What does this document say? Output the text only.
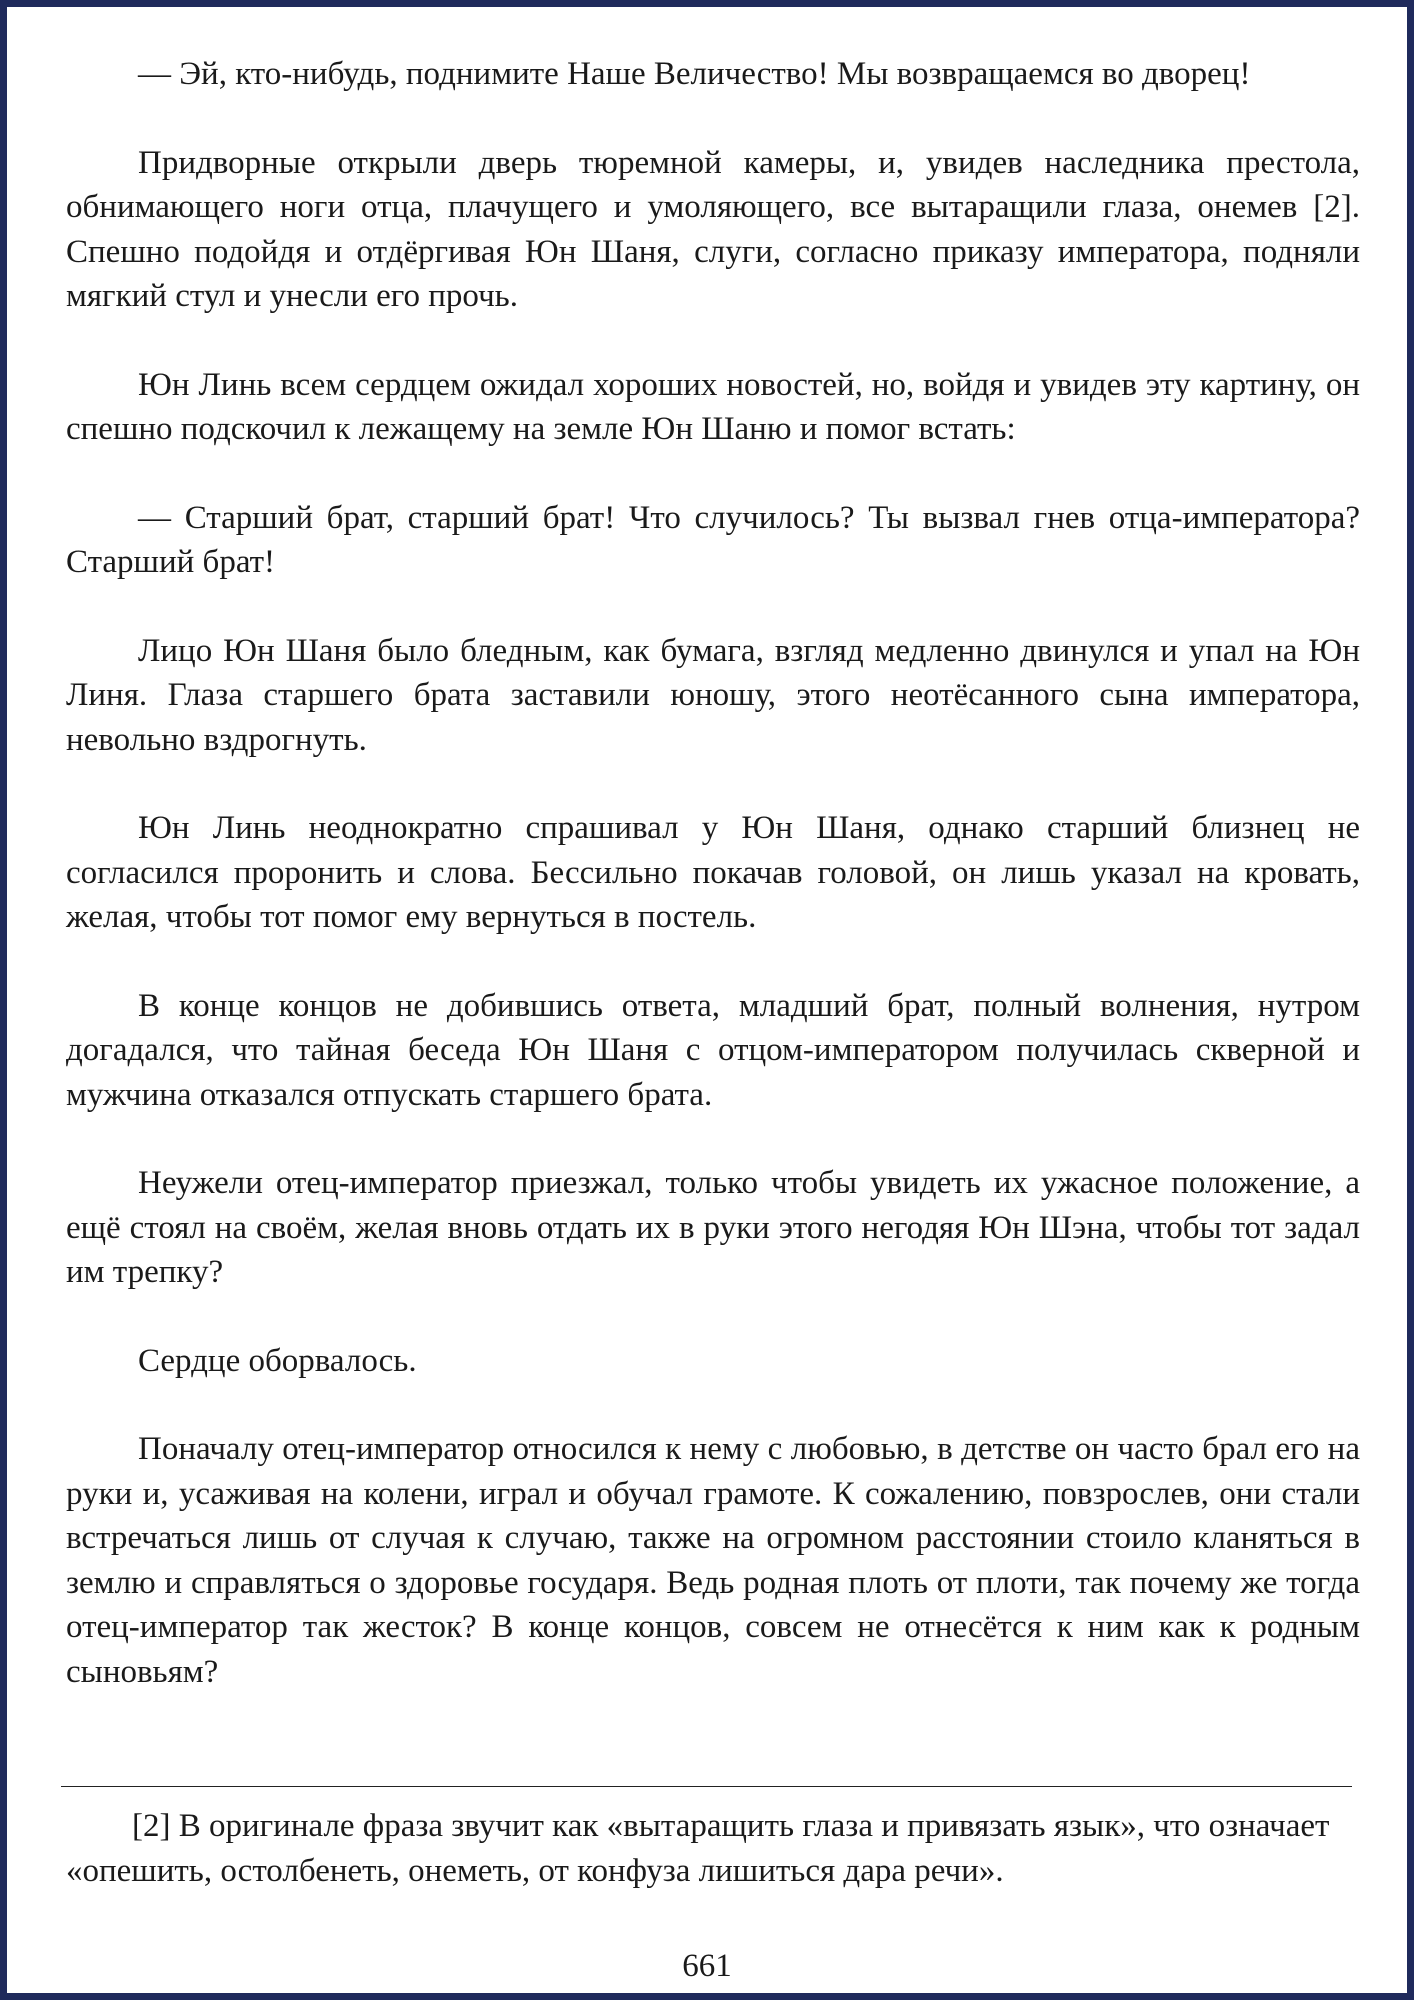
— Эй, кто-нибудь, поднимите Наше Величество! Мы возвращаемся во дворец!

Придворные открыли дверь тюремной камеры, и, увидев наследника престола, обнимающего ноги отца, плачущего и умоляющего, все вытаращили глаза, онемев [2]. Спешно подойдя и отдёргивая Юн Шаня, слуги, согласно приказу императора, подняли мягкий стул и унесли его прочь.

Юн Линь всем сердцем ожидал хороших новостей, но, войдя и увидев эту картину, он спешно подскочил к лежащему на земле Юн Шаню и помог встать:

— Старший брат, старший брат! Что случилось? Ты вызвал гнев отца-императора? Старший брат!

Лицо Юн Шаня было бледным, как бумага, взгляд медленно двинулся и упал на Юн Линя. Глаза старшего брата заставили юношу, этого неотёсанного сына императора, невольно вздрогнуть.

Юн Линь неоднократно спрашивал у Юн Шаня, однако старший близнец не согласился проронить и слова. Бессильно покачав головой, он лишь указал на кровать, желая, чтобы тот помог ему вернуться в постель.

В конце концов не добившись ответа, младший брат, полный волнения, нутром догадался, что тайная беседа Юн Шаня с отцом-императором получилась скверной и мужчина отказался отпускать старшего брата.

Неужели отец-император приезжал, только чтобы увидеть их ужасное положение, а ещё стоял на своём, желая вновь отдать их в руки этого негодяя Юн Шэна, чтобы тот задал им трепку?

Сердце оборвалось.

Поначалу отец-император относился к нему с любовью, в детстве он часто брал его на руки и, усаживая на колени, играл и обучал грамоте. К сожалению, повзрослев, они стали встречаться лишь от случая к случаю, также на огромном расстоянии стоило кланяться в землю и справляться о здоровье государя. Ведь родная плоть от плоти, так почему же тогда отец-император так жесток? В конце концов, совсем не отнесётся к ним как к родным сыновьям?

[2] В оригинале фраза звучит как «вытаращить глаза и привязать язык», что означает «опешить, остолбенеть, онеметь, от конфуза лишиться дара речи».

661
